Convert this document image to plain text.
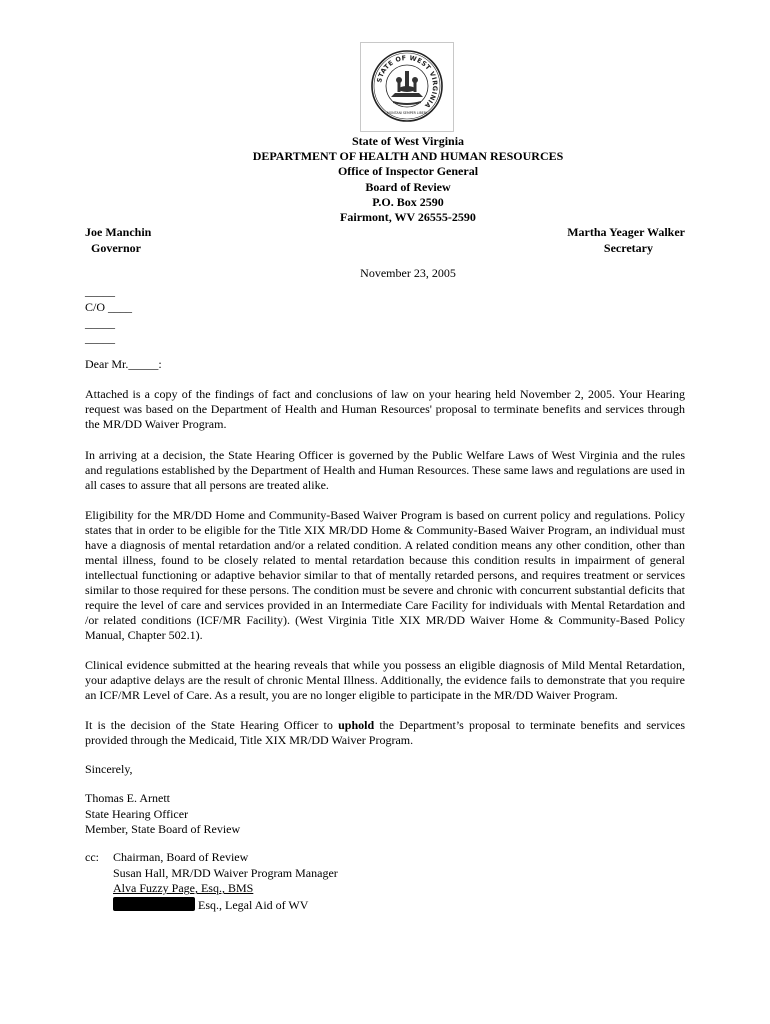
STATE OF WEST VIRGINIA
MONTANI SEMPER LIBERI
State of West Virginia
DEPARTMENT OF HEALTH AND HUMAN RESOURCES
Office of Inspector General
Board of Review
P.O. Box 2590
Fairmont, WV 26555-2590
Joe Manchin
Governor
Martha Yeager Walker
Secretary
November 23, 2005
_____
C/O ____
_____
_____
Dear Mr._____:

Attached is a copy of the findings of fact and conclusions of law on your hearing held November 2, 2005. Your Hearing request was based on the Department of Health and Human Resources' proposal to terminate benefits and services through the MR/DD Waiver Program.

In arriving at a decision, the State Hearing Officer is governed by the Public Welfare Laws of West Virginia and the rules and regulations established by the Department of Health and Human Resources. These same laws and regulations are used in all cases to assure that all persons are treated alike.

Eligibility for the MR/DD Home and Community-Based Waiver Program is based on current policy and regulations. Policy states that in order to be eligible for the Title XIX MR/DD Home & Community-Based Waiver Program, an individual must have a diagnosis of mental retardation and/or a related condition. A related condition means any other condition, other than mental illness, found to be closely related to mental retardation because this condition results in impairment of general intellectual functioning or adaptive behavior similar to that of mentally retarded persons, and requires treatment or services similar to those required for these persons. The condition must be severe and chronic with concurrent substantial deficits that require the level of care and services provided in an Intermediate Care Facility for individuals with Mental Retardation and /or related conditions (ICF/MR Facility). (West Virginia Title XIX MR/DD Waiver Home & Community-Based Policy Manual, Chapter 502.1).

Clinical evidence submitted at the hearing reveals that while you possess an eligible diagnosis of Mild Mental Retardation, your adaptive delays are the result of chronic Mental Illness. Additionally, the evidence fails to demonstrate that you require an ICF/MR Level of Care. As a result, you are no longer eligible to participate in the MR/DD Waiver Program.

It is the decision of the State Hearing Officer to uphold the Department’s proposal to terminate benefits and services provided through the Medicaid, Title XIX MR/DD Waiver Program.

Sincerely,
Thomas E. Arnett
State Hearing Officer
Member, State Board of Review
cc: Chairman, Board of Review
Susan Hall, MR/DD Waiver Program Manager
Alva Fuzzy Page, Esq., BMS
Esq., Legal Aid of WV
